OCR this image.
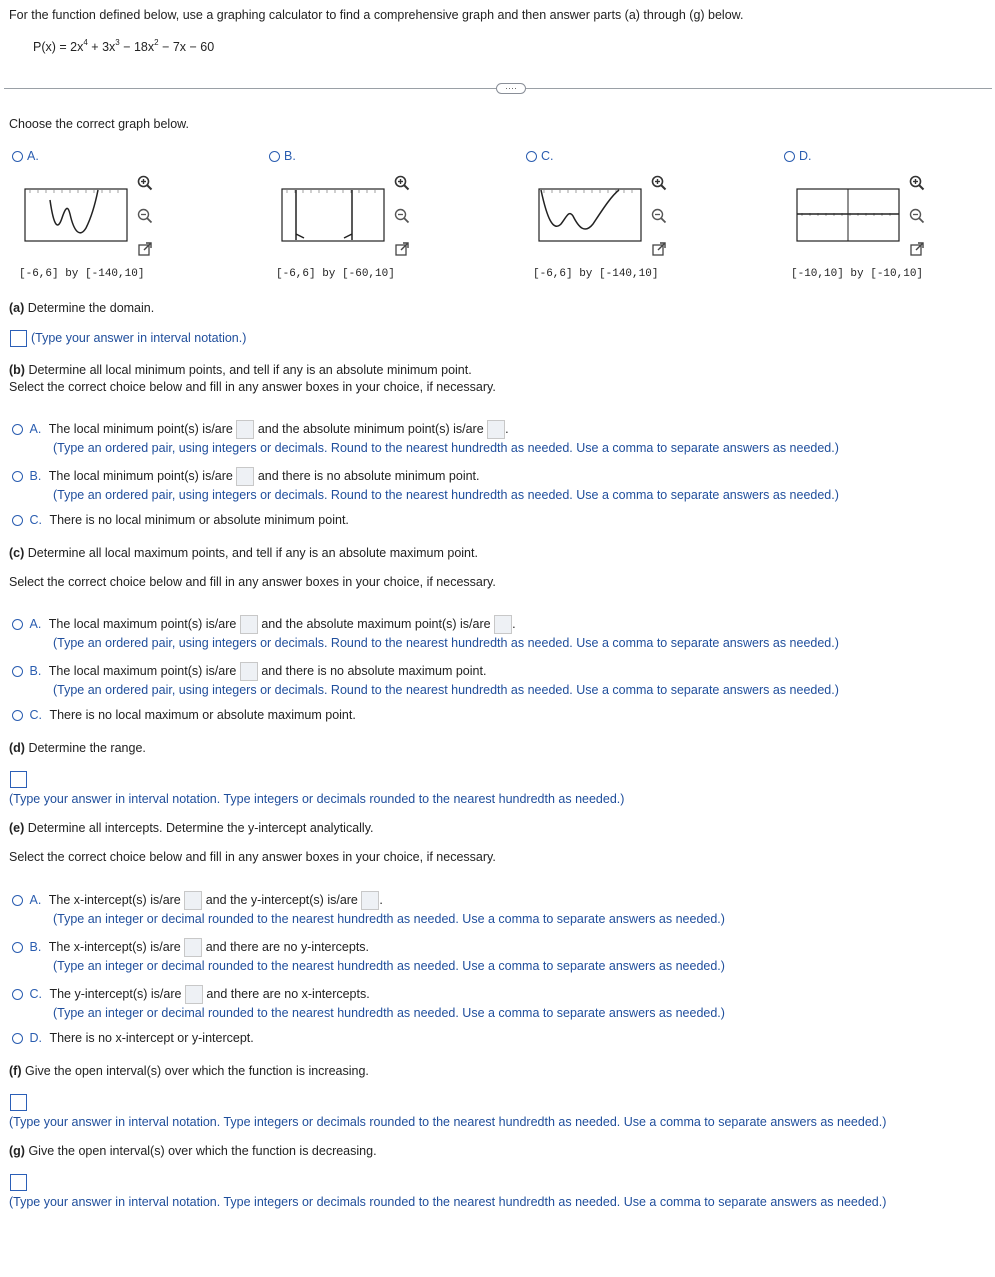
For the function defined below, use a graphing calculator to find a comprehensive graph and then answer parts (a) through (g) below.
$P(x) = 2x^4 + 3x^3 - 18x^2 - 7x - 60$
····
Choose the correct graph below.
A.
[-6,6] by [-140,10]
B.
[-6,6] by [-60,10]
C.
[-6,6] by [-140,10]
D.
[-10,10] by [-10,10]
(a) Determine the domain.
(Type your answer in interval notation.)
(b) Determine all local minimum points, and tell if any is an absolute minimum point.
Select the correct choice below and fill in any answer boxes in your choice, if necessary.
A. The local minimum point(s) is/are and the absolute minimum point(s) is/are .
(Type an ordered pair, using integers or decimals. Round to the nearest hundredth as needed. Use a comma to separate answers as needed.)
B. The local minimum point(s) is/are and there is no absolute minimum point.
(Type an ordered pair, using integers or decimals. Round to the nearest hundredth as needed. Use a comma to separate answers as needed.)
C. There is no local minimum or absolute minimum point.
(c) Determine all local maximum points, and tell if any is an absolute maximum point.
Select the correct choice below and fill in any answer boxes in your choice, if necessary.
A. The local maximum point(s) is/are and the absolute maximum point(s) is/are .
(Type an ordered pair, using integers or decimals. Round to the nearest hundredth as needed. Use a comma to separate answers as needed.)
B. The local maximum point(s) is/are and there is no absolute maximum point.
(Type an ordered pair, using integers or decimals. Round to the nearest hundredth as needed. Use a comma to separate answers as needed.)
C. There is no local maximum or absolute maximum point.
(d) Determine the range.
(Type your answer in interval notation. Type integers or decimals rounded to the nearest hundredth as needed.)
(e) Determine all intercepts. Determine the y-intercept analytically.
Select the correct choice below and fill in any answer boxes in your choice, if necessary.
A. The x-intercept(s) is/are and the y-intercept(s) is/are .
(Type an integer or decimal rounded to the nearest hundredth as needed. Use a comma to separate answers as needed.)
B. The x-intercept(s) is/are and there are no y-intercepts.
(Type an integer or decimal rounded to the nearest hundredth as needed. Use a comma to separate answers as needed.)
C. The y-intercept(s) is/are and there are no x-intercepts.
(Type an integer or decimal rounded to the nearest hundredth as needed. Use a comma to separate answers as needed.)
D. There is no x-intercept or y-intercept.
(f) Give the open interval(s) over which the function is increasing.
(Type your answer in interval notation. Type integers or decimals rounded to the nearest hundredth as needed. Use a comma to separate answers as needed.)
(g) Give the open interval(s) over which the function is decreasing.
(Type your answer in interval notation. Type integers or decimals rounded to the nearest hundredth as needed. Use a comma to separate answers as needed.)
